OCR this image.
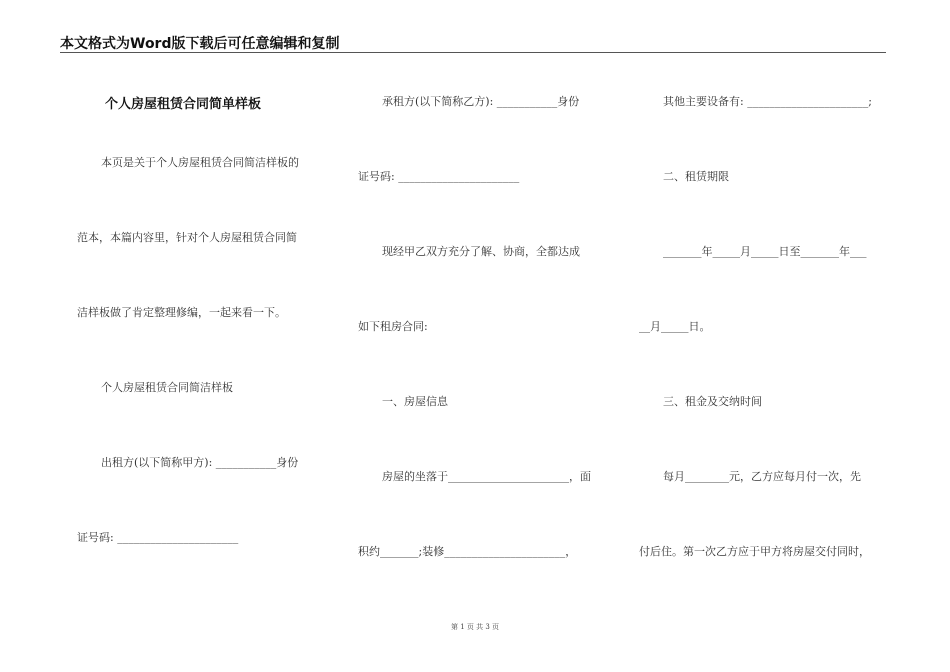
本文格式为Word版下载后可任意编辑和复制
个人房屋租赁合同简单样板
本页是关于个人房屋租赁合同简洁样板的
范本，本篇内容里，针对个人房屋租赁合同简
洁样板做了肯定整理修编，一起来看一下。
个人房屋租赁合同简洁样板
出租方(以下简称甲方): ___________身份
证号码: ______________________
承租方(以下简称乙方): ___________身份
证号码: ______________________
现经甲乙双方充分了解、协商，全都达成
如下租房合同:
一、房屋信息
房屋的坐落于______________________，面
积约_______;装修______________________，
其他主要设备有: ______________________;
二、租赁期限
_______年_____月_____日至_______年___
__月_____日。
三、租金及交纳时间
每月________元，乙方应每月付一次，先
付后住。第一次乙方应于甲方将房屋交付同时，
第 1 页 共 3 页
